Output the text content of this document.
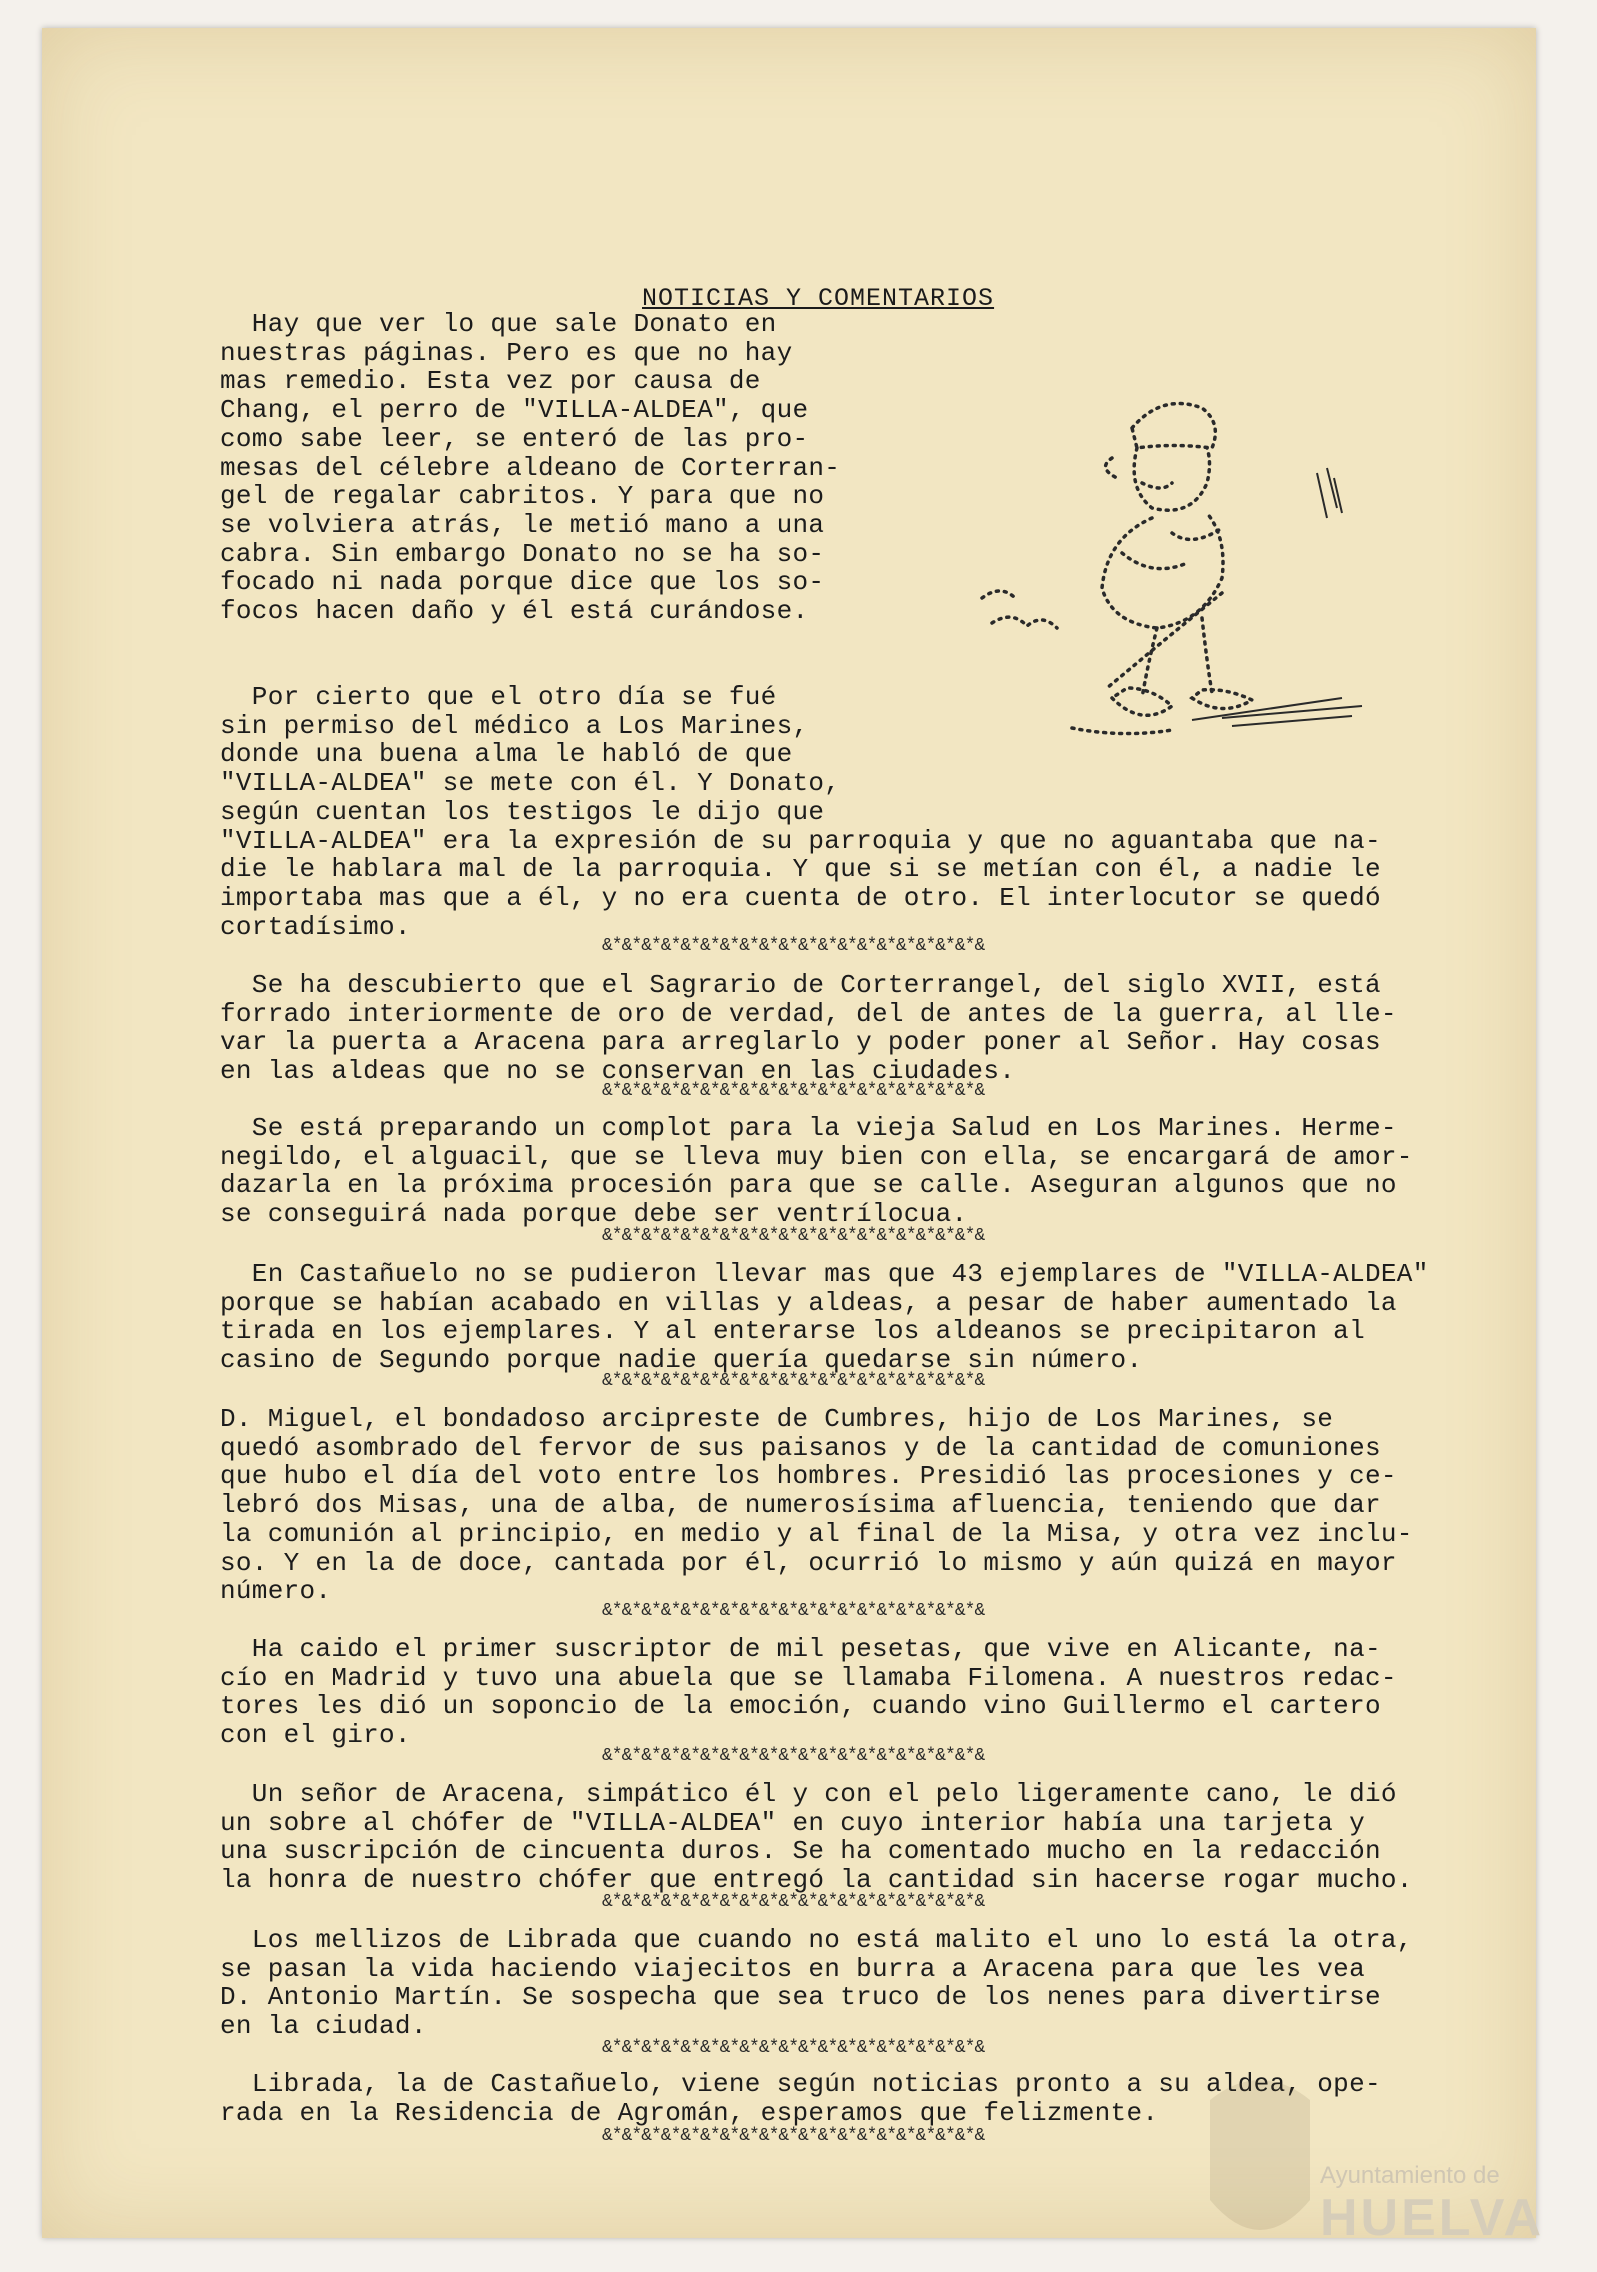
NOTICIAS Y COMENTARIOS
Hay que ver lo que sale Donato en
nuestras páginas. Pero es que no hay
mas remedio. Esta vez por causa de
Chang, el perro de "VILLA-ALDEA", que
como sabe leer, se enteró de las pro-
mesas del célebre aldeano de Corterran-
gel de regalar cabritos. Y para que no
se volviera atrás, le metió mano a una
cabra. Sin embargo Donato no se ha so-
focado ni nada porque dice que los so-
focos hacen daño y él está curándose.
Por cierto que el otro día se fué
sin permiso del médico a Los Marines,
donde una buena alma le habló de que
"VILLA-ALDEA" se mete con él. Y Donato,
según cuentan los testigos le dijo que
"VILLA-ALDEA" era la expresión de su parroquia y que no aguantaba que na-
die le hablara mal de la parroquia. Y que si se metían con él, a nadie le
importaba mas que a él, y no era cuenta de otro. El interlocutor se quedó
cortadísimo.
&*&*&*&*&*&*&*&*&*&*&*&*&*&*&*&*&*&*&*&
Se ha descubierto que el Sagrario de Corterrangel, del siglo XVII, está
forrado interiormente de oro de verdad, del de antes de la guerra, al lle-
var la puerta a Aracena para arreglarlo y poder poner al Señor. Hay cosas
en las aldeas que no se conservan en las ciudades.
&*&*&*&*&*&*&*&*&*&*&*&*&*&*&*&*&*&*&*&
Se está preparando un complot para la vieja Salud en Los Marines. Herme-
negildo, el alguacil, que se lleva muy bien con ella, se encargará de amor-
dazarla en la próxima procesión para que se calle. Aseguran algunos que no
se conseguirá nada porque debe ser ventrílocua.
&*&*&*&*&*&*&*&*&*&*&*&*&*&*&*&*&*&*&*&
En Castañuelo no se pudieron llevar mas que 43 ejemplares de "VILLA-ALDEA"
porque se habían acabado en villas y aldeas, a pesar de haber aumentado la
tirada en los ejemplares. Y al enterarse los aldeanos se precipitaron al
casino de Segundo porque nadie quería quedarse sin número.
&*&*&*&*&*&*&*&*&*&*&*&*&*&*&*&*&*&*&*&
D. Miguel, el bondadoso arcipreste de Cumbres, hijo de Los Marines, se
quedó asombrado del fervor de sus paisanos y de la cantidad de comuniones
que hubo el día del voto entre los hombres. Presidió las procesiones y ce-
lebró dos Misas, una de alba, de numerosísima afluencia, teniendo que dar
la comunión al principio, en medio y al final de la Misa, y otra vez inclu-
so. Y en la de doce, cantada por él, ocurrió lo mismo y aún quizá en mayor
número.
&*&*&*&*&*&*&*&*&*&*&*&*&*&*&*&*&*&*&*&
Ha caido el primer suscriptor de mil pesetas, que vive en Alicante, na-
cío en Madrid y tuvo una abuela que se llamaba Filomena. A nuestros redac-
tores les dió un soponcio de la emoción, cuando vino Guillermo el cartero
con el giro.
&*&*&*&*&*&*&*&*&*&*&*&*&*&*&*&*&*&*&*&
Un señor de Aracena, simpático él y con el pelo ligeramente cano, le dió
un sobre al chófer de "VILLA-ALDEA" en cuyo interior había una tarjeta y
una suscripción de cincuenta duros. Se ha comentado mucho en la redacción
la honra de nuestro chófer que entregó la cantidad sin hacerse rogar mucho.
&*&*&*&*&*&*&*&*&*&*&*&*&*&*&*&*&*&*&*&
Los mellizos de Librada que cuando no está malito el uno lo está la otra,
se pasan la vida haciendo viajecitos en burra a Aracena para que les vea
D. Antonio Martín. Se sospecha que sea truco de los nenes para divertirse
en la ciudad.
&*&*&*&*&*&*&*&*&*&*&*&*&*&*&*&*&*&*&*&
Librada, la de Castañuelo, viene según noticias pronto a su  ope-
rada en la Residencia de Agromán, esperamos que felizmente.
&*&*&*&*&*&*&*&*&*&*&*&*&*&*&*&*&*&*&*&
Ayuntamiento de
HUELVA
